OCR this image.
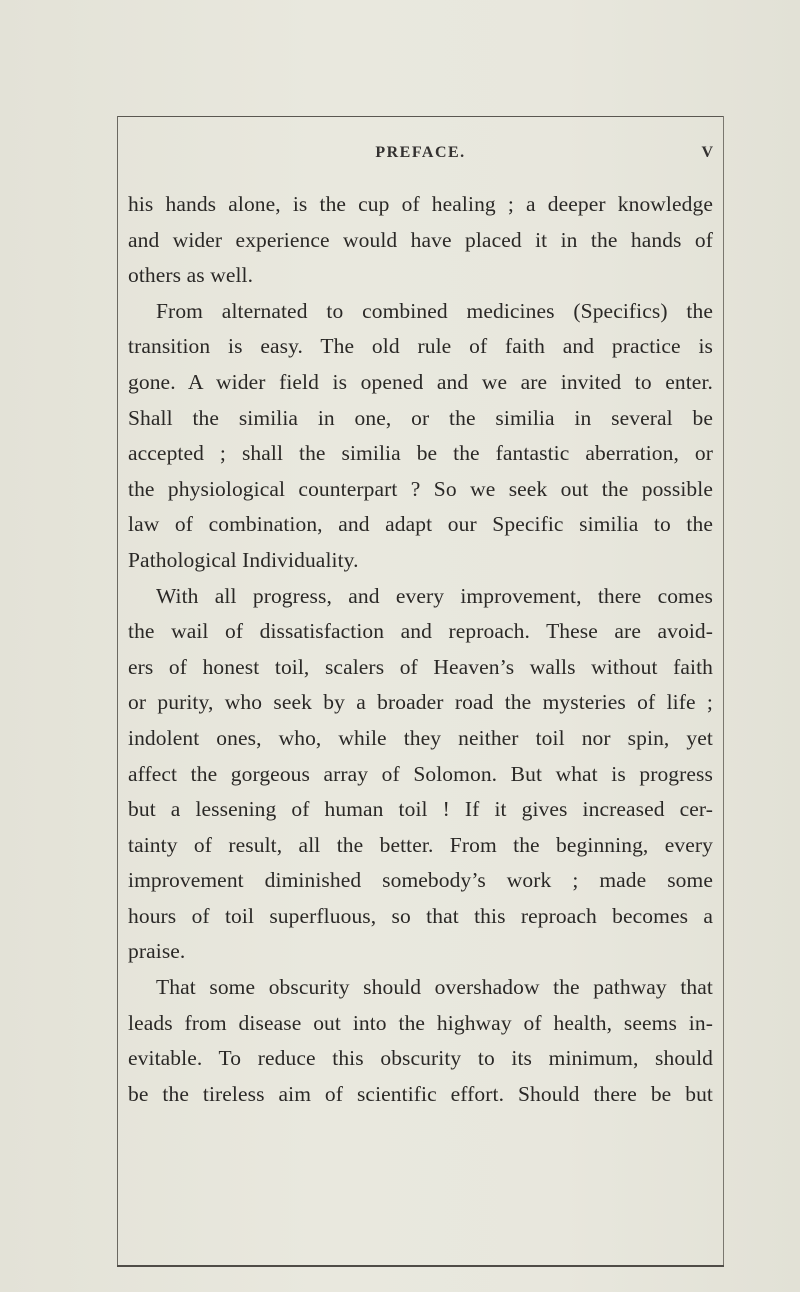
PREFACE.	V
his hands alone, is the cup of healing ; a deeper knowledge
and wider experience would have placed it in the hands of
others as well.
From alternated to combined medicines (Specifics) the
transition is easy. The old rule of faith and practice is
gone. A wider field is opened and we are invited to enter.
Shall the similia in one, or the similia in several be
accepted ; shall the similia be the fantastic aberration, or
the physiological counterpart ? So we seek out the possible
law of combination, and adapt our Specific similia to the
Pathological Individuality.
With all progress, and every improvement, there comes
the wail of dissatisfaction and reproach. These are avoid-
ers of honest toil, scalers of Heaven’s walls without faith
or purity, who seek by a broader road the mysteries of life ;
indolent ones, who, while they neither toil nor spin, yet
affect the gorgeous array of Solomon. But what is progress
but a lessening of human toil ! If it gives increased cer-
tainty of result, all the better. From the beginning, every
improvement diminished somebody’s work ; made some
hours of toil superfluous, so that this reproach becomes a
praise.
That some obscurity should overshadow the pathway that
leads from disease out into the highway of health, seems in-
evitable. To reduce this obscurity to its minimum, should
be the tireless aim of scientific effort. Should there be but
